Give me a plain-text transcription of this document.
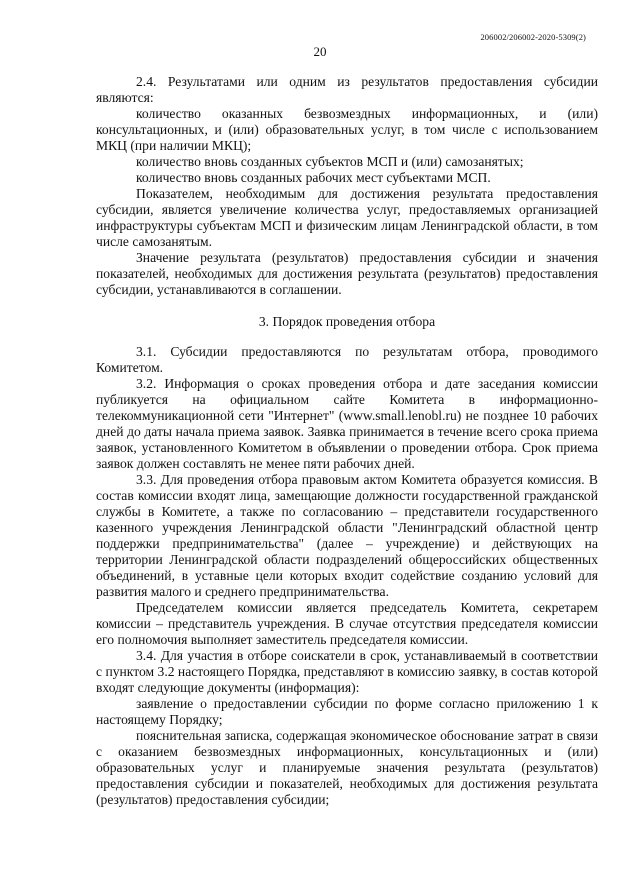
206002/206002-2020-5309(2)
20

2.4. Результатами или одним из результатов предоставления субсидии являются:

количество оказанных безвозмездных информационных, и (или) консультационных, и (или) образовательных услуг, в том числе с использованием МКЦ (при наличии МКЦ);

количество вновь созданных субъектов МСП и (или) самозанятых;

количество вновь созданных рабочих мест субъектами МСП.

Показателем, необходимым для достижения результата предоставления субсидии, является увеличение количества услуг, предоставляемых организацией инфраструктуры субъектам МСП и физическим лицам Ленинградской области, в том числе самозанятым.

Значение результата (результатов) предоставления субсидии и значения показателей, необходимых для достижения результата (результатов) предоставления субсидии, устанавливаются в соглашении.

3. Порядок проведения отбора

3.1. Субсидии предоставляются по результатам отбора, проводимого Комитетом.

3.2. Информация о сроках проведения отбора и дате заседания комиссии публикуется на официальном сайте Комитета в информационно-телекоммуникационной сети "Интернет" (www.small.lenobl.ru) не позднее 10 рабочих дней до даты начала приема заявок. Заявка принимается в течение всего срока приема заявок, установленного Комитетом в объявлении о проведении отбора. Срок приема заявок должен составлять не менее пяти рабочих дней.

3.3. Для проведения отбора правовым актом Комитета образуется комиссия. В состав комиссии входят лица, замещающие должности государственной гражданской службы в Комитете, а также по согласованию – представители государственного казенного учреждения Ленинградской области "Ленинградский областной центр поддержки предпринимательства" (далее – учреждение) и действующих на территории Ленинградской области подразделений общероссийских общественных объединений, в уставные цели которых входит содействие созданию условий для развития малого и среднего предпринимательства.

Председателем комиссии является председатель Комитета, секретарем комиссии – представитель учреждения. В случае отсутствия председателя комиссии его полномочия выполняет заместитель председателя комиссии.

3.4. Для участия в отборе соискатели в срок, устанавливаемый в соответствии с пунктом 3.2 настоящего Порядка, представляют в комиссию заявку, в состав которой входят следующие документы (информация):

заявление о предоставлении субсидии по форме согласно приложению 1 к настоящему Порядку;

пояснительная записка, содержащая экономическое обоснование затрат в связи с оказанием безвозмездных информационных, консультационных и (или) образовательных услуг и планируемые значения результата (результатов) предоставления субсидии и показателей, необходимых для достижения результата (результатов) предоставления субсидии;
